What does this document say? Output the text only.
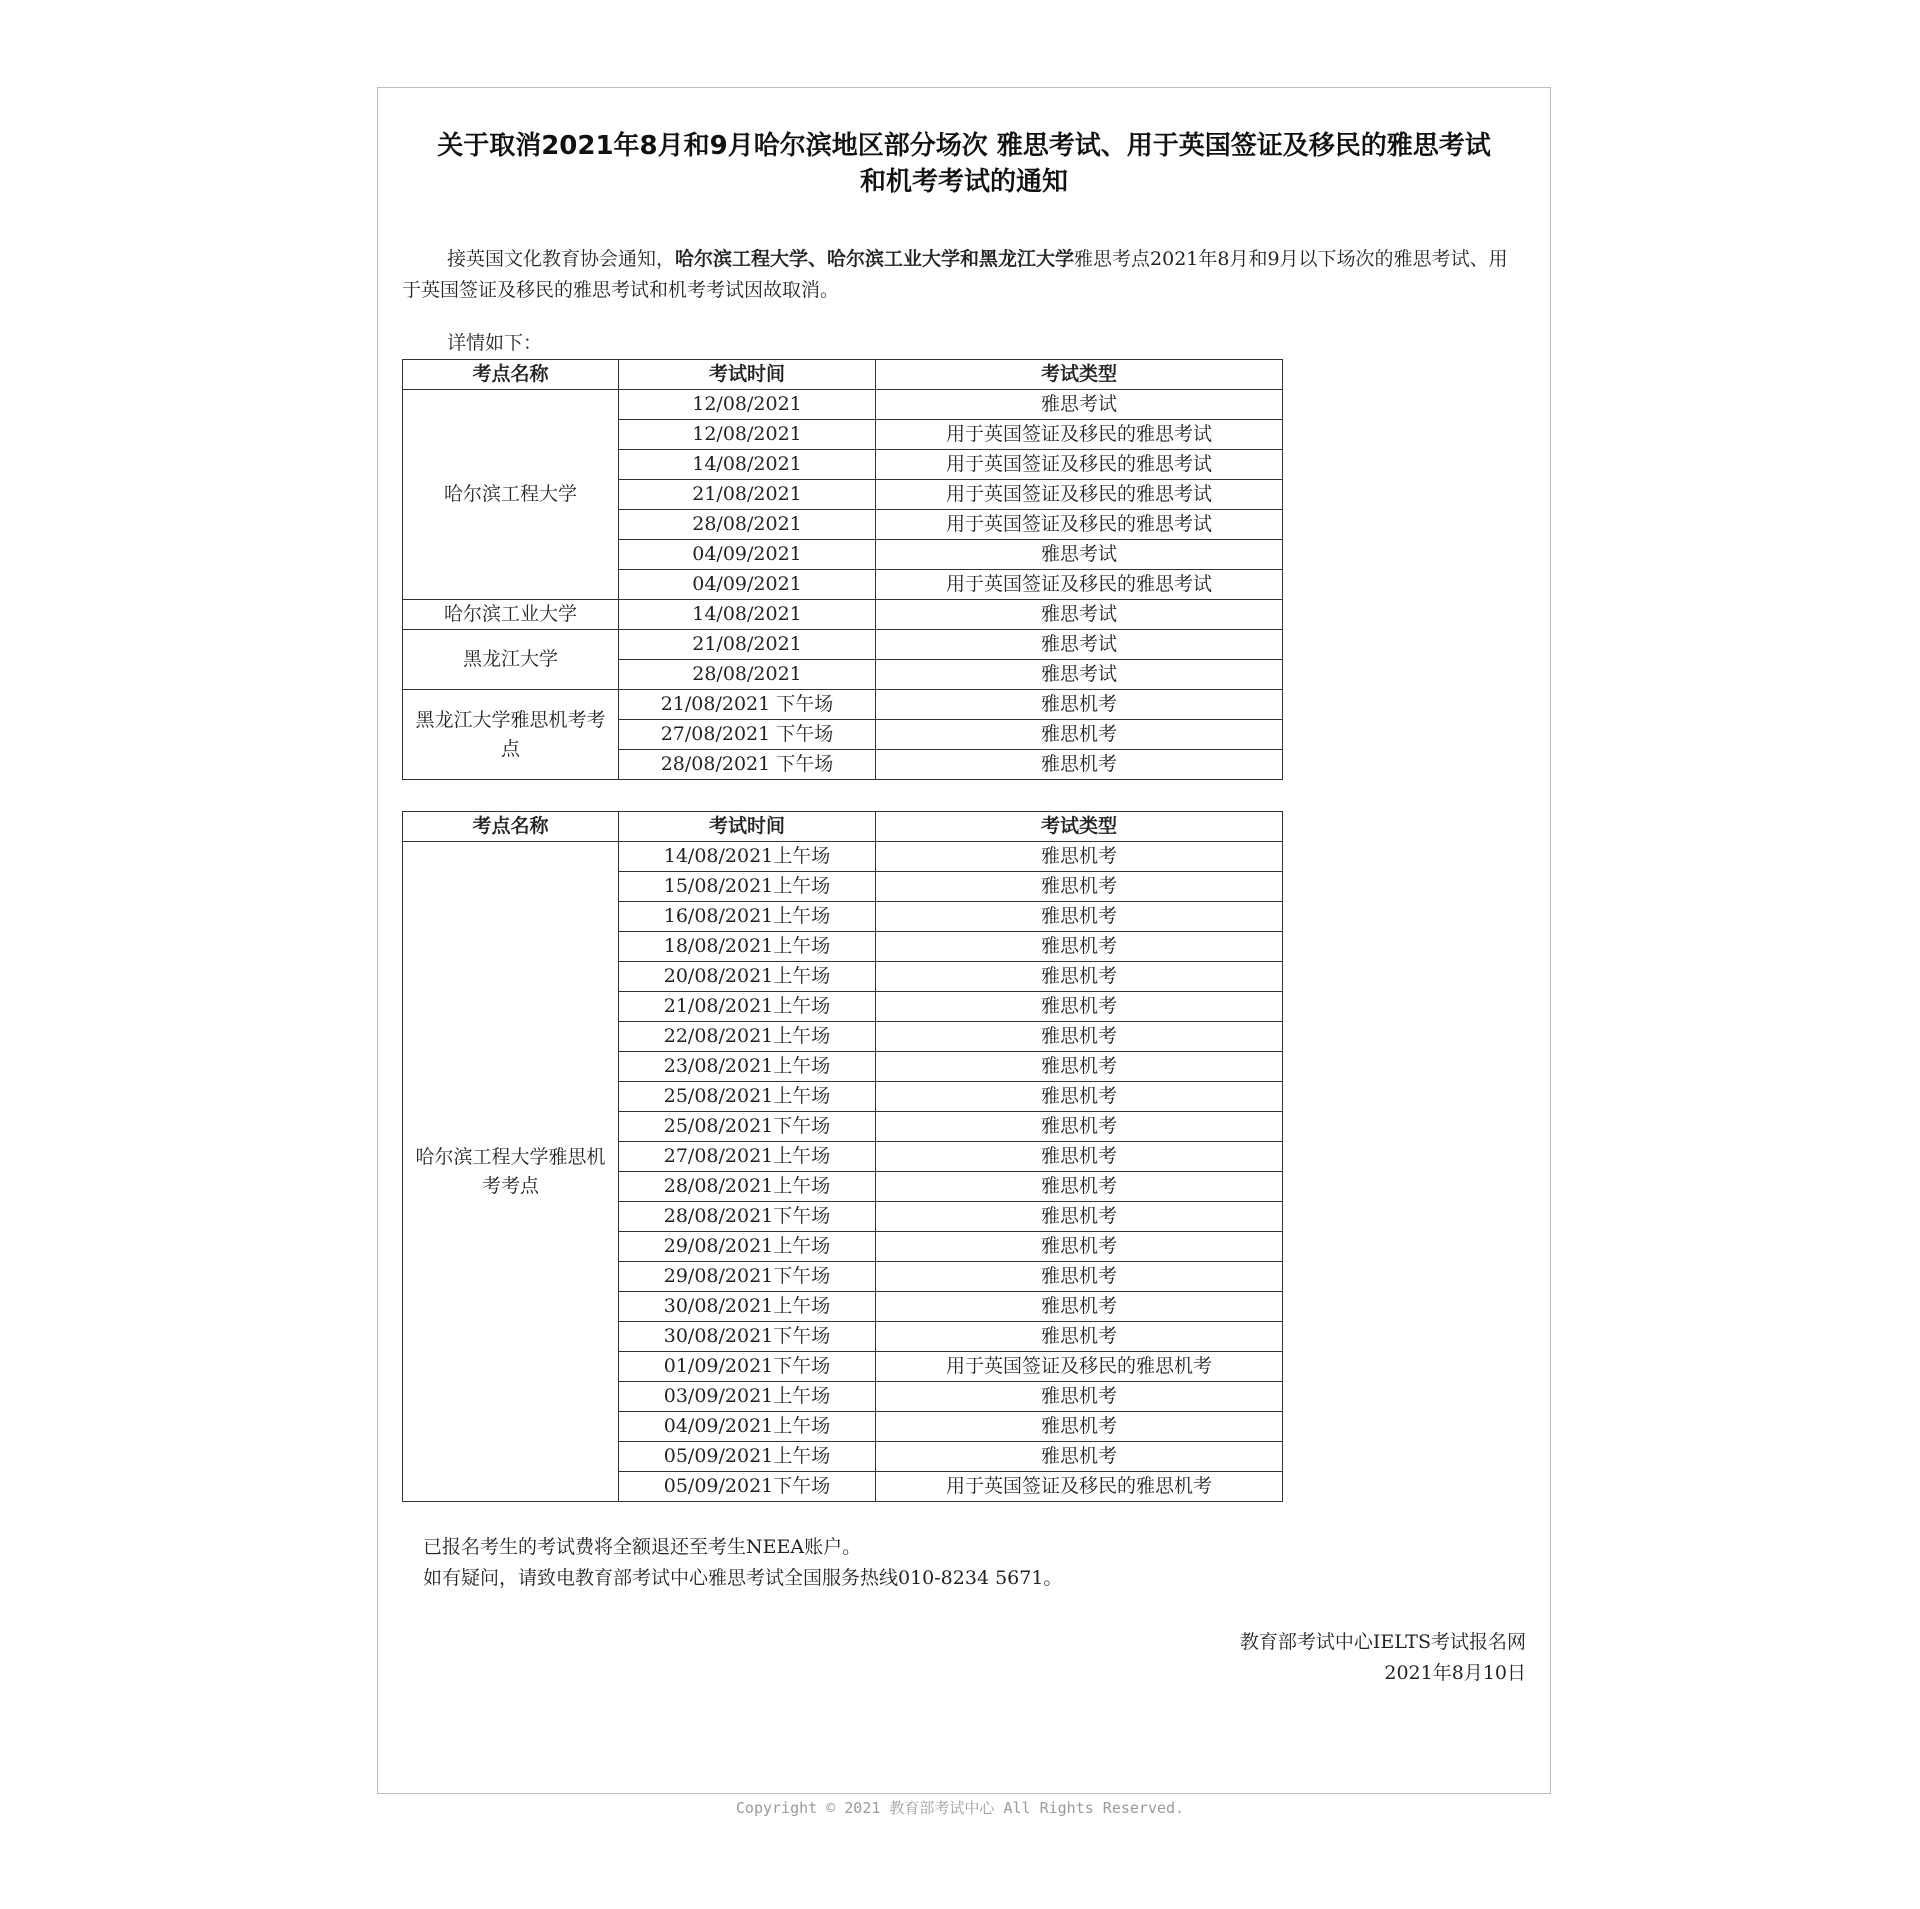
关于取消2021年8月和9月哈尔滨地区部分场次 雅思考试、用于英国签证及移民的雅思考试
和机考考试的通知
接英国文化教育协会通知，哈尔滨工程大学、哈尔滨工业大学和黑龙江大学雅思考点2021年8月和9月以下场次的雅思考试、用于英国签证及移民的雅思考试和机考考试因故取消。
详情如下：
考点名称	考试时间	考试类型
哈尔滨工程大学	12/08/2021	雅思考试
	12/08/2021	用于英国签证及移民的雅思考试
	14/08/2021	用于英国签证及移民的雅思考试
	21/08/2021	用于英国签证及移民的雅思考试
	28/08/2021	用于英国签证及移民的雅思考试
	04/09/2021	雅思考试
	04/09/2021	用于英国签证及移民的雅思考试
哈尔滨工业大学	14/08/2021	雅思考试
黑龙江大学	21/08/2021	雅思考试
	28/08/2021	雅思考试
黑龙江大学雅思机考考点	21/08/2021 下午场	雅思机考
	27/08/2021 下午场	雅思机考
	28/08/2021 下午场	雅思机考
考点名称	考试时间	考试类型
哈尔滨工程大学雅思机考考点	14/08/2021上午场	雅思机考
	15/08/2021上午场	雅思机考
	16/08/2021上午场	雅思机考
	18/08/2021上午场	雅思机考
	20/08/2021上午场	雅思机考
	21/08/2021上午场	雅思机考
	22/08/2021上午场	雅思机考
	23/08/2021上午场	雅思机考
	25/08/2021上午场	雅思机考
	25/08/2021下午场	雅思机考
	27/08/2021上午场	雅思机考
	28/08/2021上午场	雅思机考
	28/08/2021下午场	雅思机考
	29/08/2021上午场	雅思机考
	29/08/2021下午场	雅思机考
	30/08/2021上午场	雅思机考
	30/08/2021下午场	雅思机考
	01/09/2021下午场	用于英国签证及移民的雅思机考
	03/09/2021上午场	雅思机考
	04/09/2021上午场	雅思机考
	05/09/2021上午场	雅思机考
	05/09/2021下午场	用于英国签证及移民的雅思机考
已报名考生的考试费将全额退还至考生NEEA账户。
如有疑问，请致电教育部考试中心雅思考试全国服务热线010-8234 5671。
教育部考试中心IELTS考试报名网
2021年8月10日
Copyright © 2021 教育部考试中心 All Rights Reserved.
